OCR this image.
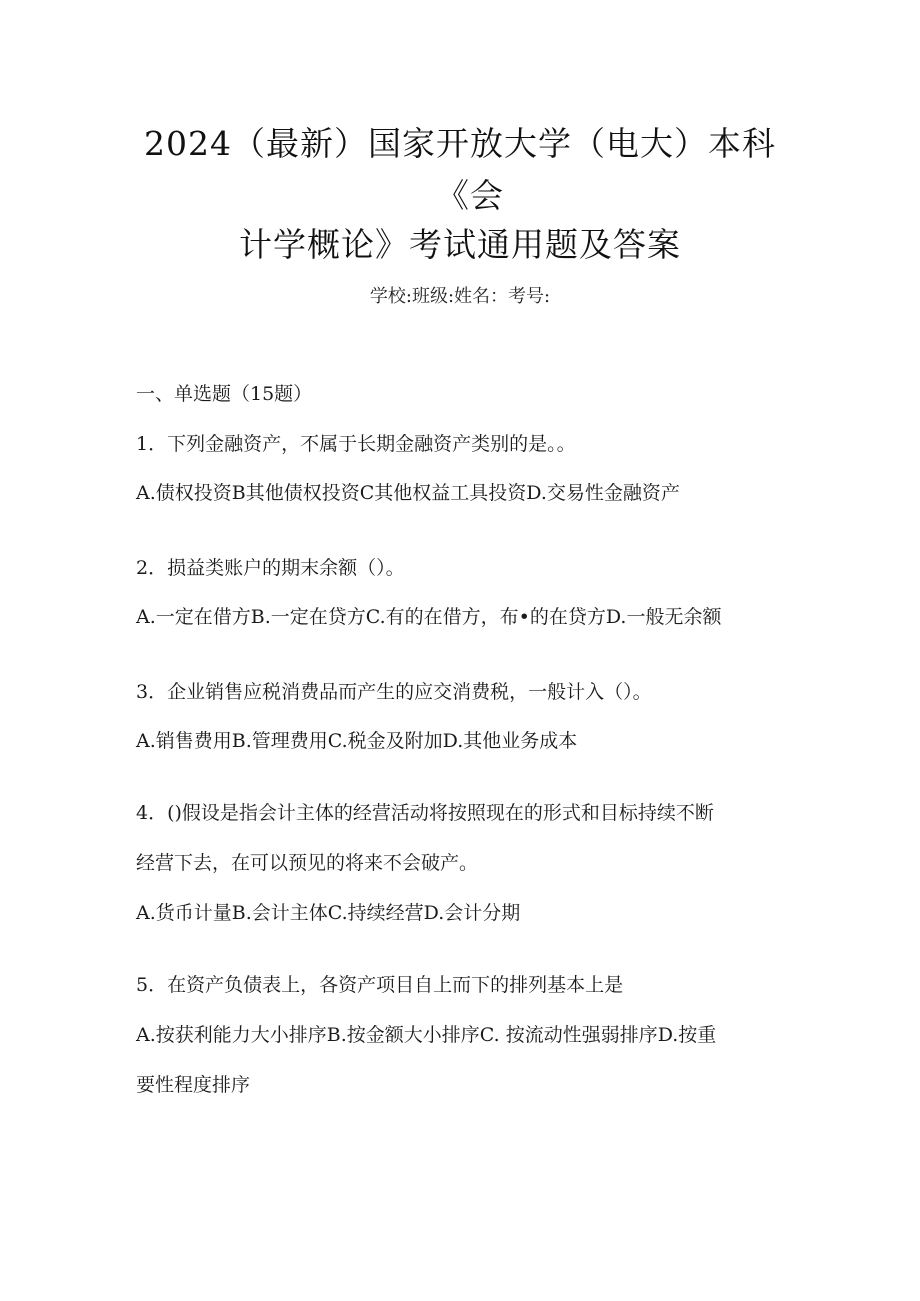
2024（最新）国家开放大学（电大）本科
《会
计学概论》考试通用题及答案
学校:班级:姓名：考号:
一、单选题（15题）
1．下列金融资产，不属于长期金融资产类别的是。。
A.债权投资B其他债权投资C其他权益工具投资D.交易性金融资产
2．损益类账户的期末余额（）。
A.一定在借方B.一定在贷方C.有的在借方，布•的在贷方D.一般无余额
3．企业销售应税消费品而产生的应交消费税，一般计入（）。
A.销售费用B.管理费用C.税金及附加D.其他业务成本
4．()假设是指会计主体的经营活动将按照现在的形式和目标持续不断
经营下去，在可以预见的将来不会破产。
A.货币计量B.会计主体C.持续经营D.会计分期
5．在资产负债表上，各资产项目自上而下的排列基本上是
A.按获利能力大小排序B.按金额大小排序C. 按流动性强弱排序D.按重
要性程度排序
